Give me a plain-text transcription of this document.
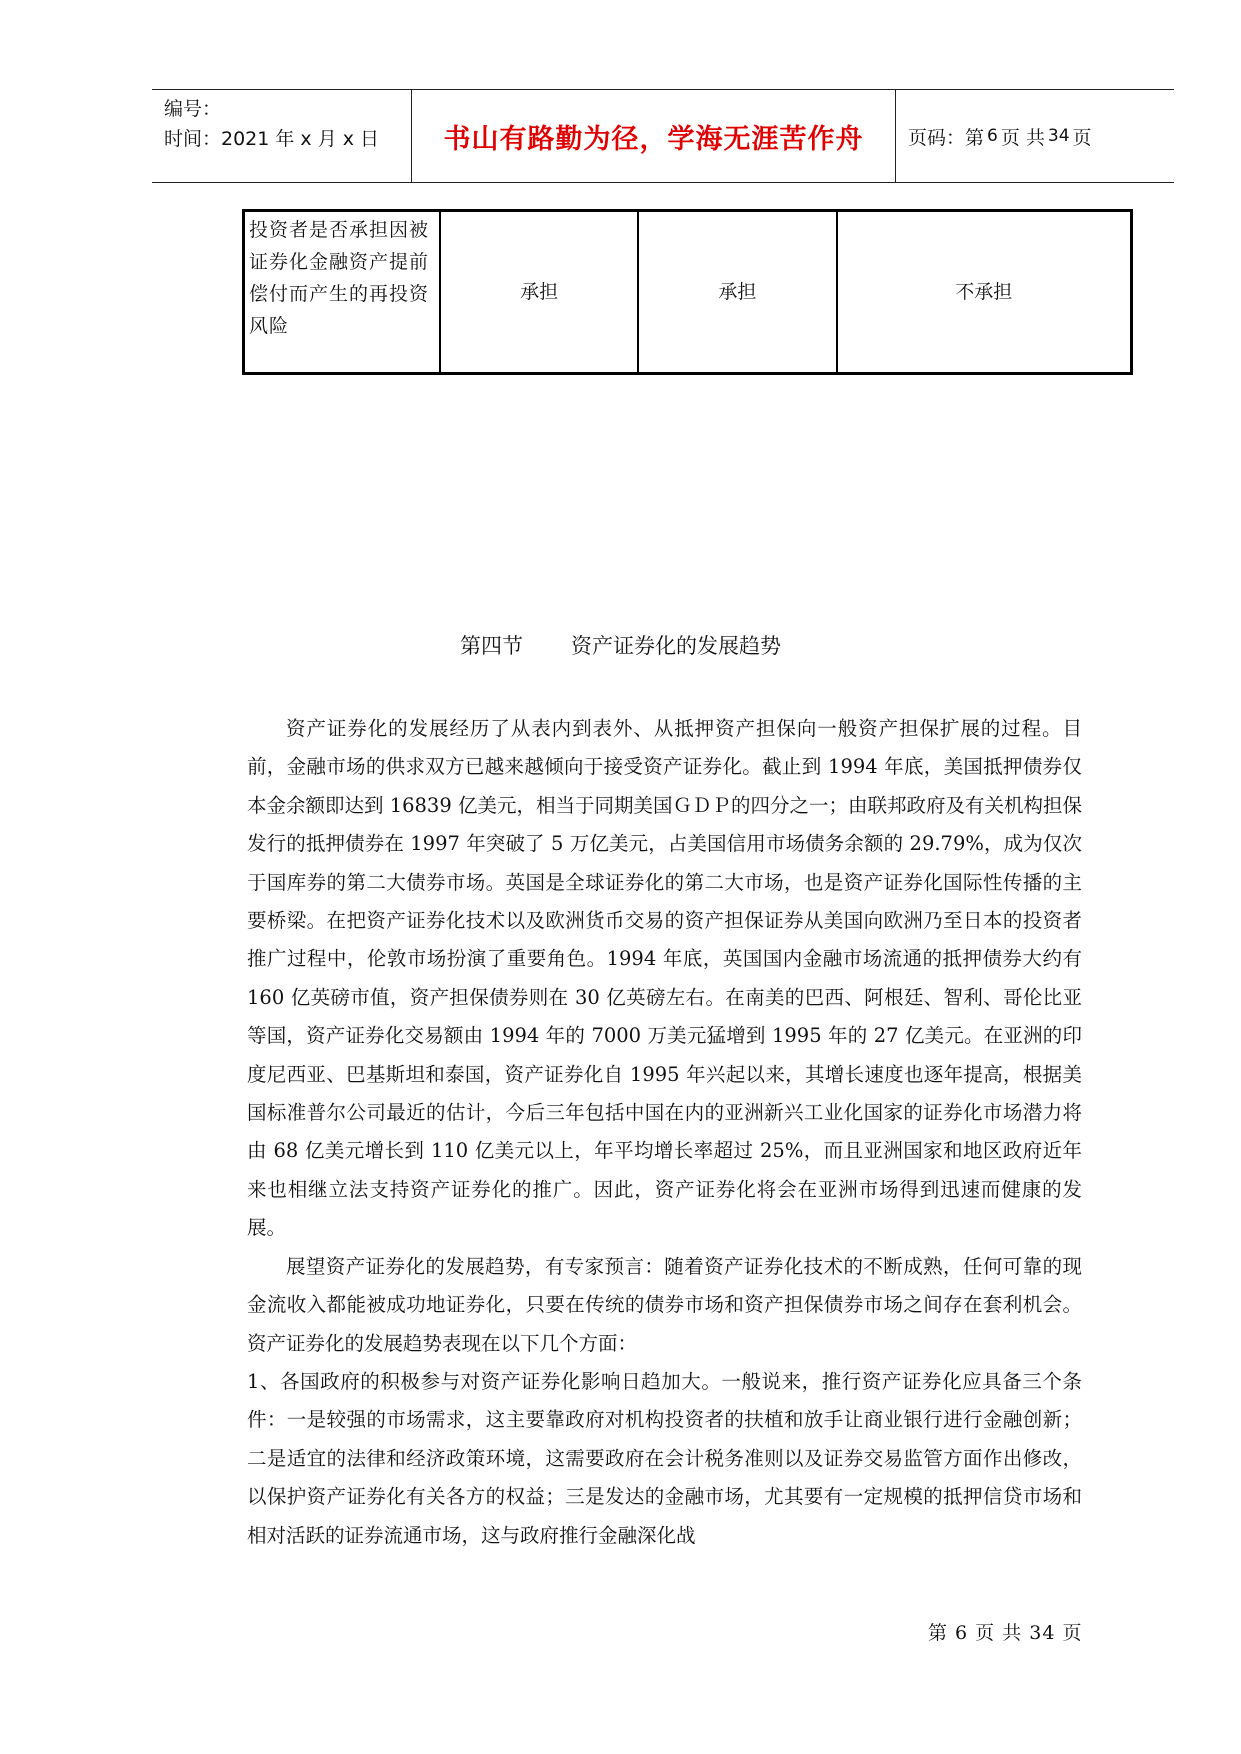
编号：
时间：2021 年 x 月 x 日	书山有路勤为径，学海无涯苦作舟	页码：第 6 页 共 34 页
投资者是否承担因被证券化金融资产提前偿付而产生的再投资风险	承担	承担	不承担
第四节 资产证券化的发展趋势

资产证券化的发展经历了从表内到表外、从抵押资产担保向一般资产担保扩展的过程。目前，金融市场的供求双方已越来越倾向于接受资产证券化。截止到 1994 年底，美国抵押债券仅本金余额即达到 16839 亿美元，相当于同期美国ＧＤＰ的四分之一；由联邦政府及有关机构担保发行的抵押债券在 1997 年突破了 5 万亿美元，占美国信用市场债务余额的 29.79%，成为仅次于国库券的第二大债券市场。英国是全球证券化的第二大市场，也是资产证券化国际性传播的主要桥梁。在把资产证券化技术以及欧洲货币交易的资产担保证券从美国向欧洲乃至日本的投资者推广过程中，伦敦市场扮演了重要角色。1994 年底，英国国内金融市场流通的抵押债券大约有 160 亿英磅市值，资产担保债券则在 30 亿英磅左右。在南美的巴西、阿根廷、智利、哥伦比亚等国，资产证券化交易额由 1994 年的 7000 万美元猛增到 1995 年的 27 亿美元。在亚洲的印度尼西亚、巴基斯坦和泰国，资产证券化自 1995 年兴起以来，其增长速度也逐年提高，根据美国标准普尔公司最近的估计，今后三年包括中国在内的亚洲新兴工业化国家的证券化市场潜力将由 68 亿美元增长到 110 亿美元以上，年平均增长率超过 25%，而且亚洲国家和地区政府近年来也相继立法支持资产证券化的推广。因此，资产证券化将会在亚洲市场得到迅速而健康的发展。

展望资产证券化的发展趋势，有专家预言：随着资产证券化技术的不断成熟，任何可靠的现金流收入都能被成功地证券化，只要在传统的债券市场和资产担保债券市场之间存在套利机会。资产证券化的发展趋势表现在以下几个方面：

1、各国政府的积极参与对资产证券化影响日趋加大。一般说来，推行资产证券化应具备三个条件：一是较强的市场需求，这主要靠政府对机构投资者的扶植和放手让商业银行进行金融创新；二是适宜的法律和经济政策环境，这需要政府在会计税务准则以及证券交易监管方面作出修改，以保护资产证券化有关各方的权益；三是发达的金融市场，尤其要有一定规模的抵押信贷市场和相对活跃的证券流通市场，这与政府推行金融深化战

第 6 页 共 34 页
